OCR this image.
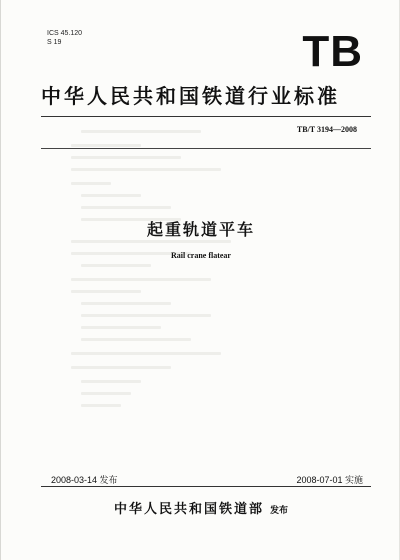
ICS 45.120
S 19	TB
中华人民共和国铁道行业标准
TB/T 3194—2008
起重轨道平车
Rail crane flatear
2008-03-14 发布	2008-07-01 实施
中华人民共和国铁道部 发布
